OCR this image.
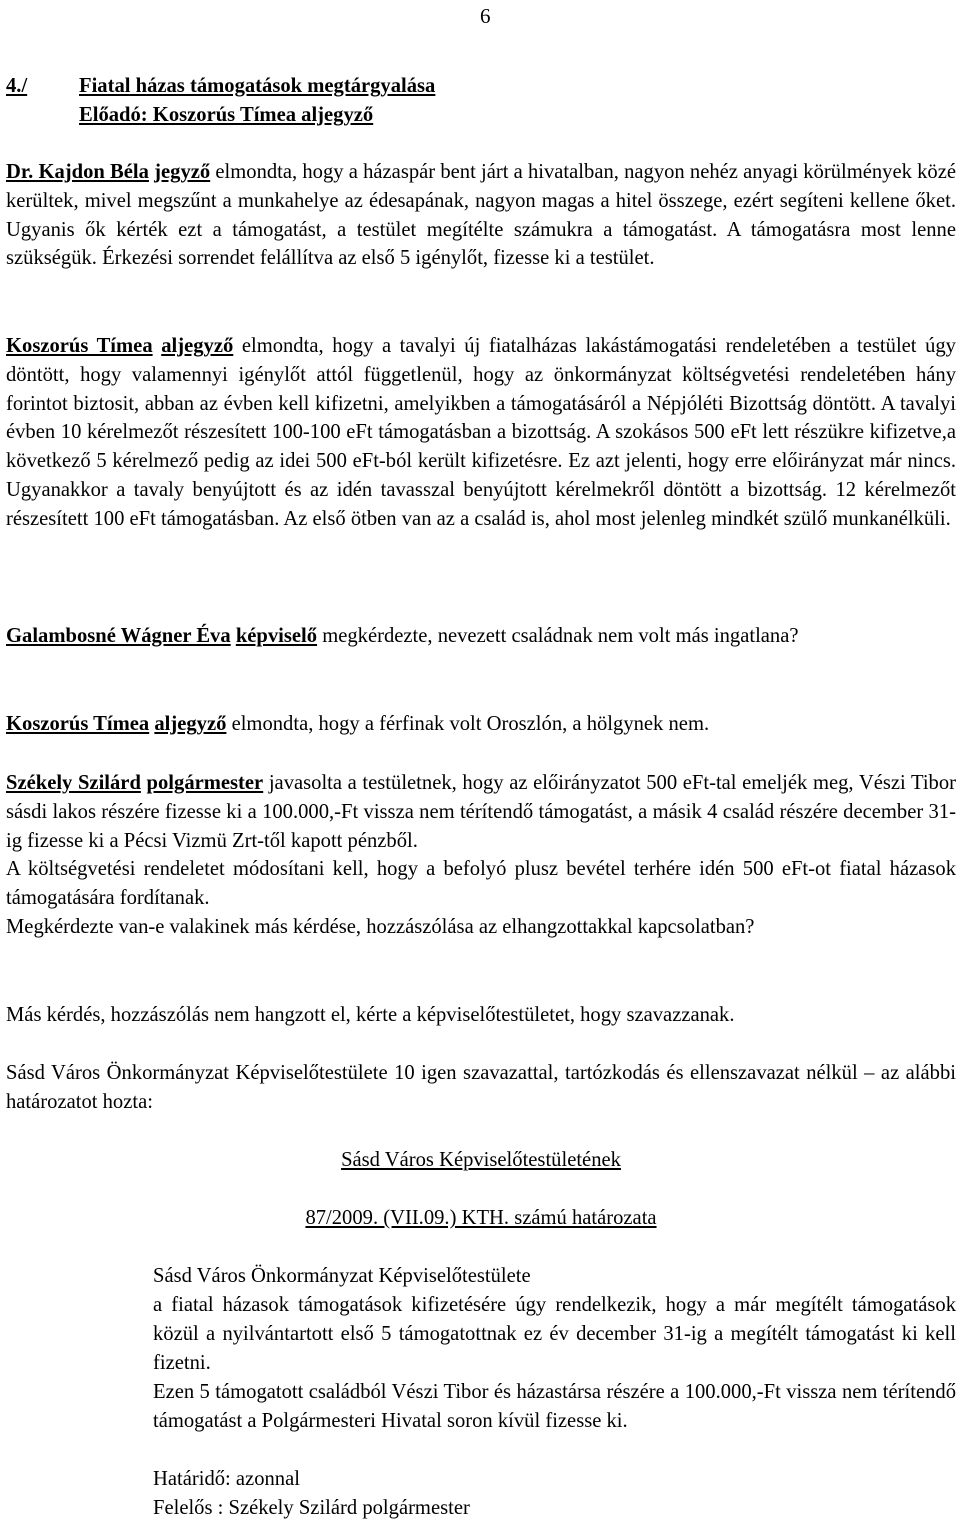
6
4./	Fiatal házas támogatások megtárgyalása
Előadó: Koszorús Tímea aljegyző
Dr. Kajdon Béla jegyző elmondta, hogy a házaspár bent járt a hivatalban, nagyon nehéz anyagi körülmények közé kerültek, mivel megszűnt a munkahelye az édesapának, nagyon magas a hitel összege, ezért segíteni kellene őket. Ugyanis ők kérték ezt a támogatást, a testület megítélte számukra a támogatást. A támogatásra most lenne szükségük. Érkezési sorrendet felállítva az első 5 igénylőt, fizesse ki a testület.
Koszorús Tímea aljegyző elmondta, hogy a tavalyi új fiatalházas lakástámogatási rendeletében a testület úgy döntött, hogy valamennyi igénylőt attól függetlenül, hogy az önkormányzat költségvetési rendeletében hány forintot biztosit, abban az évben kell kifizetni, amelyikben a támogatásáról a Népjóléti Bizottság döntött. A tavalyi évben 10 kérelmezőt részesített 100-100 eFt támogatásban a bizottság. A szokásos 500 eFt lett részükre kifizetve,a következő 5 kérelmező pedig az idei 500 eFt-ból került kifizetésre. Ez azt jelenti, hogy erre előirányzat már nincs. Ugyanakkor a tavaly benyújtott és az idén tavasszal benyújtott kérelmekről döntött a bizottság. 12 kérelmezőt részesített 100 eFt támogatásban. Az első ötben van az a család is, ahol most jelenleg mindkét szülő munkanélküli.
Galambosné Wágner Éva képviselő megkérdezte, nevezett családnak nem volt más ingatlana?
Koszorús Tímea aljegyző elmondta, hogy a férfinak volt Oroszlón, a hölgynek nem.
Székely Szilárd polgármester javasolta a testületnek, hogy az előirányzatot 500 eFt-tal emeljék meg, Vészi Tibor sásdi lakos részére fizesse ki a 100.000,-Ft vissza nem térítendő támogatást, a másik 4 család részére december 31-ig fizesse ki a Pécsi Vizmü Zrt-től kapott pénzből.
A költségvetési rendeletet módosítani kell, hogy a befolyó plusz bevétel terhére idén 500 eFt-ot fiatal házasok támogatására fordítanak.
Megkérdezte van-e valakinek más kérdése, hozzászólása az elhangzottakkal kapcsolatban?
Más kérdés, hozzászólás nem hangzott el, kérte a képviselőtestületet, hogy szavazzanak.
Sásd Város Önkormányzat Képviselőtestülete 10 igen szavazattal, tartózkodás és ellenszavazat nélkül – az alábbi határozatot hozta:
Sásd Város Képviselőtestületének
87/2009. (VII.09.) KTH. számú határozata
Sásd Város Önkormányzat Képviselőtestülete
a fiatal házasok támogatások kifizetésére úgy rendelkezik, hogy a már megítélt támogatások közül a nyilvántartott első 5 támogatottnak ez év december 31-ig a megítélt támogatást ki kell fizetni.
Ezen 5 támogatott családból Vészi Tibor és házastársa részére a 100.000,-Ft vissza nem térítendő támogatást a Polgármesteri Hivatal soron kívül fizesse ki.
Határidő: azonnal
Felelős : Székely Szilárd polgármester
